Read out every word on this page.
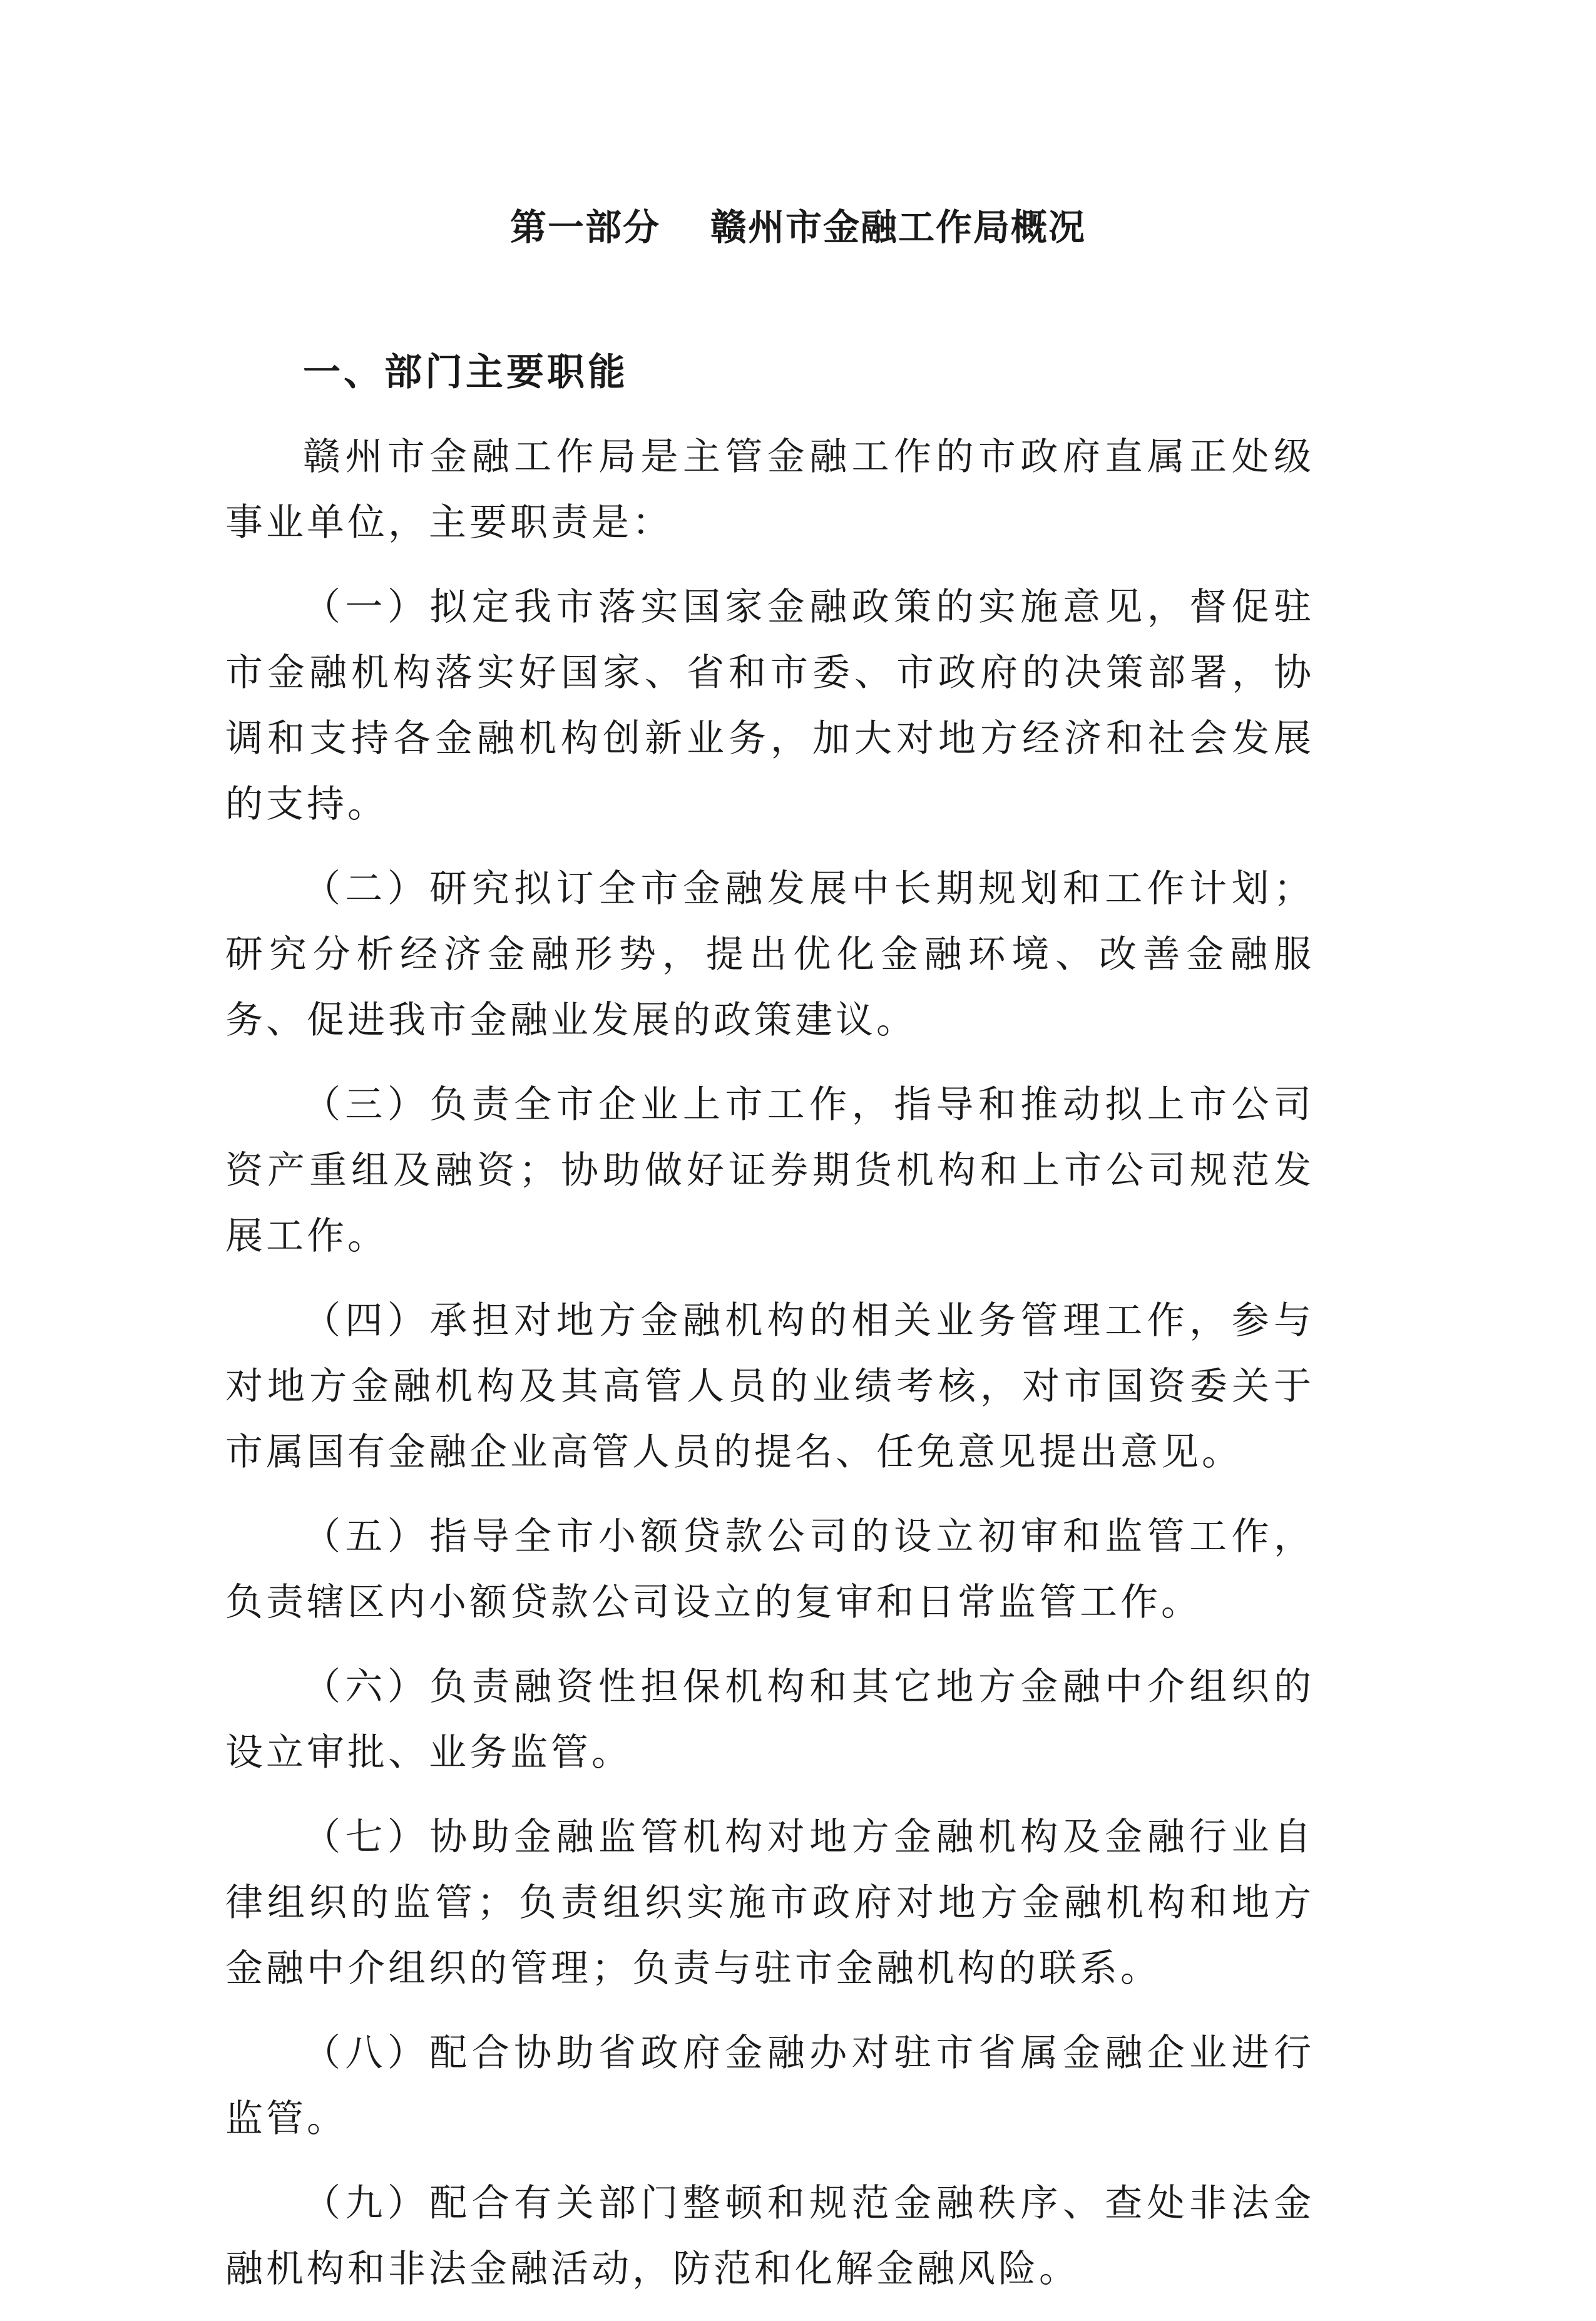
第一部分 赣州市金融工作局概况
一、部门主要职能

赣州市金融工作局是主管金融工作的市政府直属正处级事业单位，主要职责是：

（一）拟定我市落实国家金融政策的实施意见，督促驻市金融机构落实好国家、省和市委、市政府的决策部署，协调和支持各金融机构创新业务，加大对地方经济和社会发展的支持。

（二）研究拟订全市金融发展中长期规划和工作计划；研究分析经济金融形势，提出优化金融环境、改善金融服务、促进我市金融业发展的政策建议。

（三）负责全市企业上市工作，指导和推动拟上市公司资产重组及融资；协助做好证券期货机构和上市公司规范发展工作。

（四）承担对地方金融机构的相关业务管理工作，参与对地方金融机构及其高管人员的业绩考核，对市国资委关于市属国有金融企业高管人员的提名、任免意见提出意见。

（五）指导全市小额贷款公司的设立初审和监管工作，负责辖区内小额贷款公司设立的复审和日常监管工作。

（六）负责融资性担保机构和其它地方金融中介组织的设立审批、业务监管。

（七）协助金融监管机构对地方金融机构及金融行业自律组织的监管；负责组织实施市政府对地方金融机构和地方金融中介组织的管理；负责与驻市金融机构的联系。

（八）配合协助省政府金融办对驻市省属金融企业进行监管。

（九）配合有关部门整顿和规范金融秩序、查处非法金融机构和非法金融活动，防范和化解金融风险。
